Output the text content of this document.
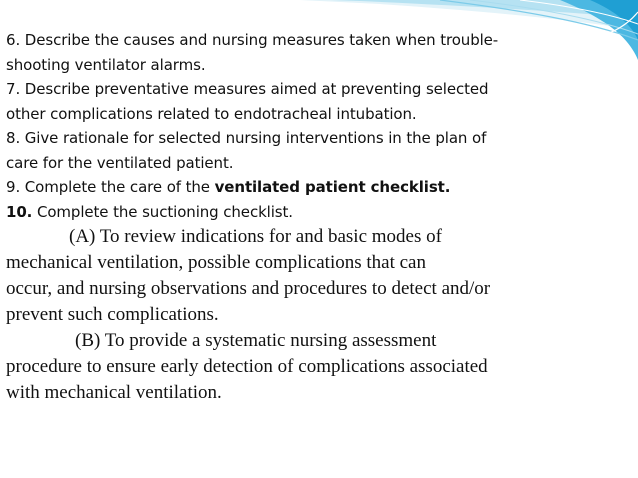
6. Describe the causes and nursing measures taken when trouble-

shooting ventilator alarms.

7. Describe preventative measures aimed at preventing selected

other complications related to endotracheal intubation.

8. Give rationale for selected nursing interventions in the plan of

care for the ventilated patient.

9. Complete the care of the ventilated patient checklist.

10. Complete the suctioning checklist.

(A) To review indications for and basic modes of

mechanical ventilation, possible complications that can

occur, and nursing observations and procedures to detect and/or

prevent such complications.

(B) To provide a systematic nursing assessment

procedure to ensure early detection of complications associated

with mechanical ventilation.
